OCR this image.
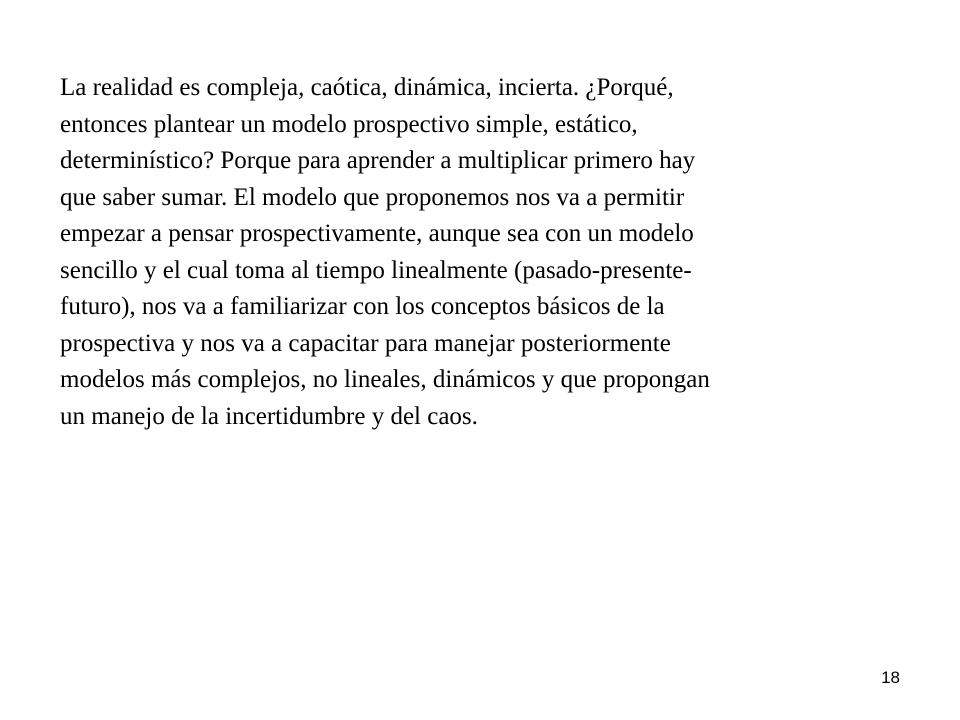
La realidad es compleja, caótica, dinámica, incierta. ¿Porqué,
entonces plantear un modelo prospectivo simple, estático,
determinístico? Porque para aprender a multiplicar primero hay
que saber sumar. El modelo que proponemos nos va a permitir
empezar a pensar prospectivamente, aunque sea con un modelo
sencillo y el cual toma al tiempo linealmente (pasado-presente-
futuro), nos va a familiarizar con los conceptos básicos de la
prospectiva y nos va a capacitar para manejar posteriormente
modelos más complejos, no lineales, dinámicos y que propongan
un manejo de la incertidumbre y del caos.

18
